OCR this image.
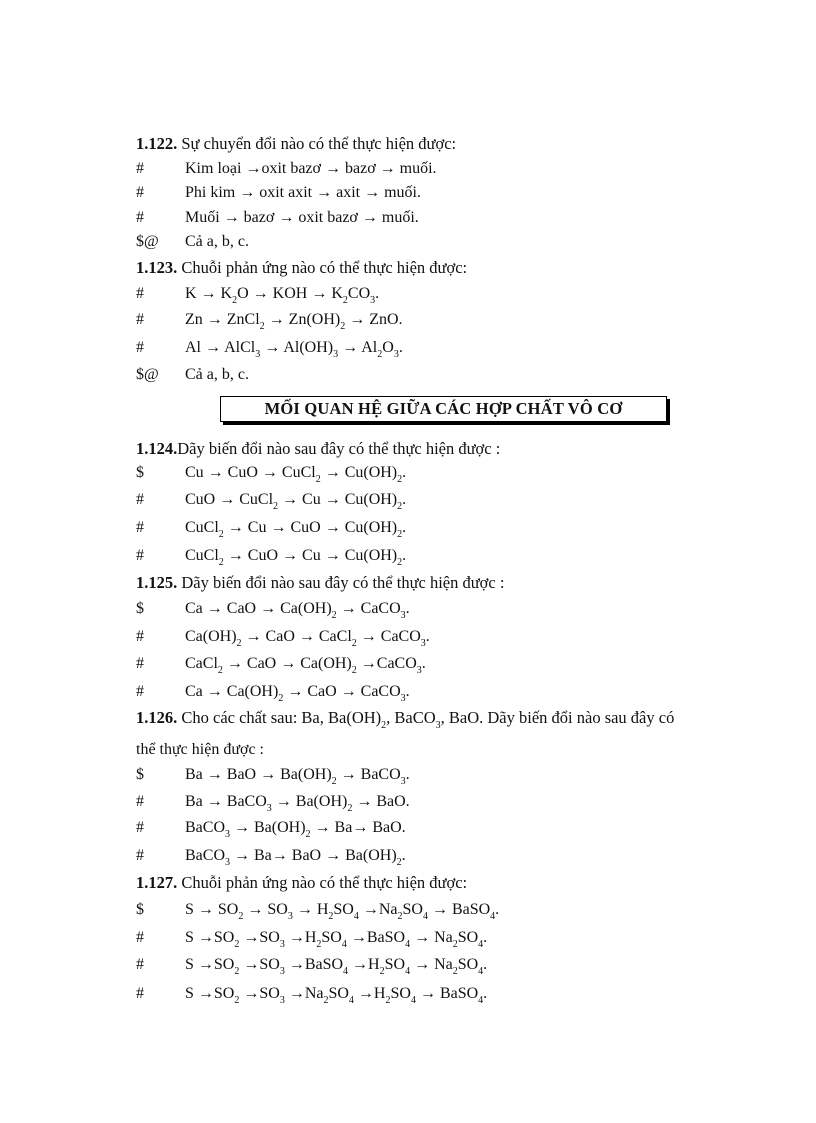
MỐI QUAN HỆ GIỮA CÁC HỢP CHẤT VÔ CƠ
1.122. Sự chuyển đổi nào có thể thực hiện được:
#	Kim loại →oxit bazơ → bazơ → muối.
#	Phi kim → oxit axit → axit → muối.
#	Muối → bazơ → oxit bazơ → muối.
$@ Cả a, b, c.
1.123. Chuỗi phản ứng nào có thể thực hiện được:
#	$K \to K_2O$ → KOH → $K_2CO_3$.
#	Zn → ZnCl$_2$ → $Zn(OH)_2$ → ZnO.
#	Al → AlCl$_3$ → $Al(OH)_3 \to Al_2O_3$.
$@ Cả a, b, c.
1.124.Dãy biến đổi nào sau đây có thể thực hiện được :
$	Cu → CuO → CuCl$_2$ → $Cu(OH)_2$.
#	CuO → CuCl$_2$ → $Cu \to Cu(OH)_2$.
#	CuCl$_2$ → Cu → CuO → $Cu(OH)_2$.
#	CuCl$_2$ → CuO → $Cu \to Cu(OH)_2$.
1.125. Dãy biến đổi nào sau đây có thể thực hiện được :
$	Ca → CaO → $Ca(OH)_2$ → CaCO$_3$.
#	$Ca(OH)_2$ → CaO → CaCl$_2$ → CaCO$_3$.
#	CaCl$_2$ → CaO → $Ca(OH)_2$ →CaCO$_3$.
#	$Ca \to Ca(OH)_2$ → CaO → CaCO$_3$.
1.126. Cho các chất sau: Ba, $Ba(OH)_2$, BaCO$_3$, BaO. Dãy biến đổi nào sau đây có
thể thực hiện được :
$	Ba → BaO → $Ba(OH)_2$ → BaCO$_3$.
#	Ba → BaCO$_3$ → $Ba(OH)_2$ → BaO.
#	BaCO$_3$ → $Ba(OH)_2 \to Ba\to$ BaO.
#	BaCO$_3$ → Ba→ BaO → $Ba(OH)_2$.
1.127. Chuỗi phản ứng nào có thể thực hiện được:
$	$S \to SO_2 \to SO_3 \to H_2SO_4 \to Na_2SO_4$ → BaSO$_4$.
#	$S \to SO_2 \to SO_3 \to H_2SO_4$ →BaSO$_4$ → $Na_2SO_4$.
#	$S \to SO_2 \to SO_3$ →BaSO$_4$ $\to H_2SO_4 \to Na_2SO_4$.
#	$S \to SO_2 \to SO_3 \to Na_2SO_4 \to H_2SO_4$ → BaSO$_4$.
